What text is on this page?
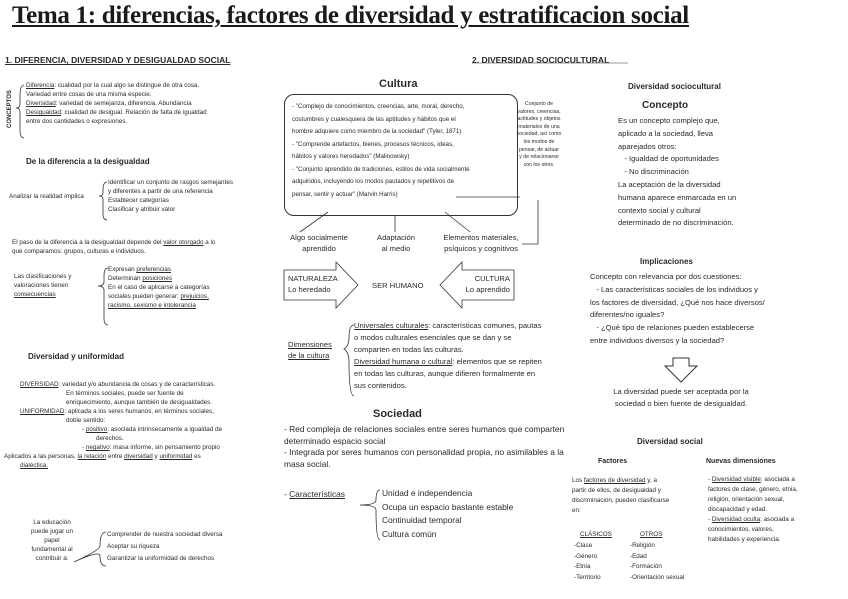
Tema 1: diferencias, factores de diversidad y estratificacion social
1. DIFERENCIA, DIVERSIDAD Y DESIGUALDAD SOCIAL
CONCEPTOS

Diferencia: cualidad por la cual algo se distingue de otra cosa.

Variedad entre cosas de una misma especie.

Diversidad: variedad de semejanza, diferencia. Abundancia

Desigualdad: cualidad de desigual. Relación de falta de igualdad

entre dos cantidades o expresiones.

De la diferencia a la desigualdad
Analizar la realidad implica

Identificar un conjunto de rasgos semejantes

y diferentes a partir de una referencia

Establecer categorías

Clasificar y atribuir valor

El paso de la diferencia a la desigualdad depende del valor otorgado a lo

que comparamos: grupos, culturas e individuos.

Las clasificaciones y

valoraciones tienen

consecuencias

Expresan preferencias

Determinan posiciones

En el caso de aplicarse a categorías

sociales pueden generar: prejuicios,

racismo, sexismo e intolerancia

Diversidad y uniformidad

DIVERSIDAD: variedad y/o abundancia de cosas y de características.

En términos sociales, puede ser fuente de

enriquecimiento, aunque también de desigualdades.

UNIFORMIDAD: aplicada a los seres humanos, en términos sociales,

doble sentido:

- positivo: asociada intrínsecamente a igualdad de

derechos.

- negativo: masa informe, sin pensamiento propio

Aplicados a las personas, la relación entre diversidad y uniformidad es

dialéctica.

La educación

puede jugar un

papel

fundamental al

contribuir a:

Comprender de nuestra sociedad diversa

Aceptar su riqueza

Garantizar la uniformidad de derechos

2. DIVERSIDAD SOCIOCULTURAL
Cultura

- "Complejo de conocimientos, creencias, arte, moral, derecho,

costumbres y cualesquiera de las aptitudes y hábitos que el

hombre adquiere como miembro de la sociedad" (Tyler, 1871)

- "Comprende artefactos, bienes, procesos técnicos, ideas,

hábitos y valores heredados" (Malinowsky)

- "Conjunto aprendido de tradiciones, estilos de vida socialmente

adquiridos, incluyendo los modos pautados y repetitivos de

pensar, sentir y actuar" (Marvin Harris)

Conjunto de

valores, creencias,

actitudes y objetos

materiales de una

sociedad, así como

los modos de

pensar, de actuar

y de relacionarse

con los otros.

Algo socialmente

aprendido

Adaptación

al medio

Elementos materiales,

psíquicos y cognitivos

NATURALEZA

Lo heredado	SER HUMANO

CULTURA

Lo aprendido

Dimensiones

de la cultura

Universales culturales: características comunes, pautas

o modos culturales esenciales que se dan y se

comparten en todas las culturas.

Diversidad humana o cultural: elementos que se repiten

en todas las culturas, aunque difieren formalmente en

sus contenidos.

Sociedad

- Red compleja de relaciones sociales entre seres humanos que comparten

determinado espacio social

- Integrada por seres humanos con personalidad propia, no asimilables a la

masa social.

- Características	Unidad e independencia

Ocupa un espacio bastante estable

Continuidad temporal

Cultura común

Diversidad sociocultural
Concepto

Es un concepto complejo que,

aplicado a la sociedad, lleva

aparejados otros:

- Igualdad de oportunidades

- No discriminación

La aceptación de la diversidad

humana aparece enmarcada en un

contexto social y cultural

determinado de no discriminación.

Implicaciones

Concepto con relevancia por dos cuestiones:

- Las características sociales de los individuos y

los factores de diversidad, ¿Qué nos hace diversos/

diferentes/no iguales?

- ¿Qué tipo de relaciones pueden establecerse

entre individuos diversos y la sociedad?

La diversidad puede ser aceptada por la

sociedad o bien fuente de desigualdad.

Diversidad social
Factores

Los factores de diversidad y, a

partir de ellos, de desigualdad y

discriminación, pueden clasificarse

en:

CLÁSICOS

-Clase

-Género

-Etnia

-Territorio

OTROS

-Religión

-Edad

-Formación

-Orientación sexual

Nuevas dimensiones

- Diversidad visible: asociada a

factores de clase, género, etnia,

religión, orientación sexual,

discapacidad y edad.

- Diversidad oculta: asociada a

conocimientos, valores,

habilidades y experiencia.
